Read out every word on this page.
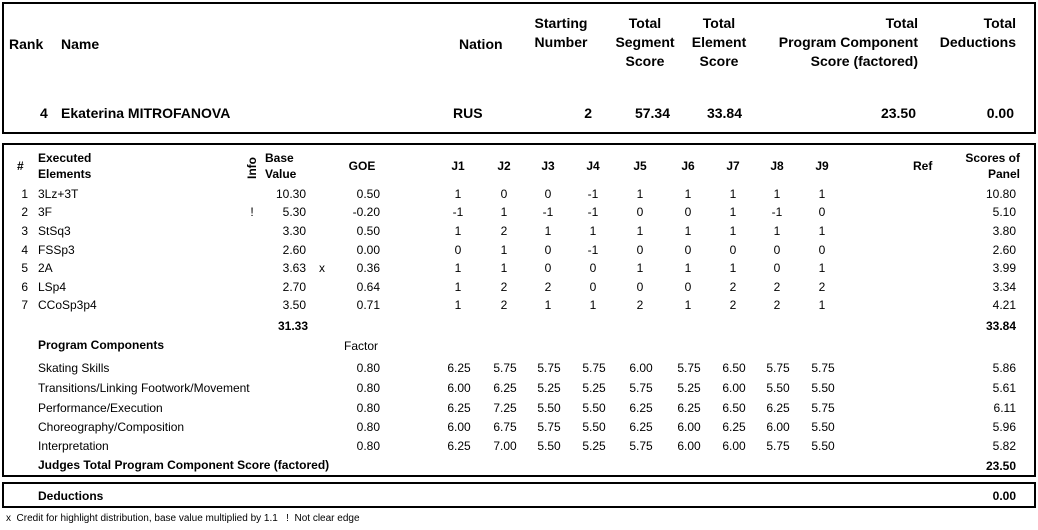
Rank Name	Nation
Starting
Number
Total
Segment
Score
Total
Element
Score
Total
Program Component
Score (factored)
Total
Deductions
4 Ekaterina MITROFANOVA	RUS	2	57.34	33.84	23.50	0.00
#
Executed
Elements	Info Base
Value
GOE	J1	J2	J3	J4	J5	J6	J7	J8	J9	Ref
Scores of
Panel
1 3Lz+3T	10.30	0.50	1	0	0	-1	1	1	1	1	1	10.80
2 3F	!	5.30	-0.20	-1	1	-1	-1	0	0	1	-1	0	5.10
3 StSq3	3.30	0.50	1	2	1	1	1	1	1	1	1	3.80
4 FSSp3	2.60	0.00	0	1	0	-1	0	0	0	0	0	2.60
5 2A	3.63 x	0.36	1	1	0	0	1	1	1	0	1	3.99
6 LSp4	2.70	0.64	1	2	2	0	0	0	2	2	2	3.34
7 CCoSp3p4	3.50	0.71	1	2	1	1	2	1	2	2	1	4.21
31.33	33.84
Program Components	Factor
Skating Skills	0.80	6.25	5.75	5.75	5.75	6.00	5.75	6.50	5.75	5.75	5.86
Transitions/Linking Footwork/Movement	0.80	6.00	6.25	5.25	5.25	5.75	5.25	6.00	5.50	5.50	5.61
Performance/Execution	0.80	6.25	7.25	5.50	5.50	6.25	6.25	6.50	6.25	5.75	6.11
Choreography/Composition	0.80	6.00	6.75	5.75	5.50	6.25	6.00	6.25	6.00	5.50	5.96
Interpretation	0.80	6.25	7.00	5.50	5.25	5.75	6.00	6.00	5.75	5.50	5.82
Judges Total Program Component Score (factored)	23.50
Deductions	0.00
x  Credit for highlight distribution, base value multiplied by 1.1   !  Not clear edge
